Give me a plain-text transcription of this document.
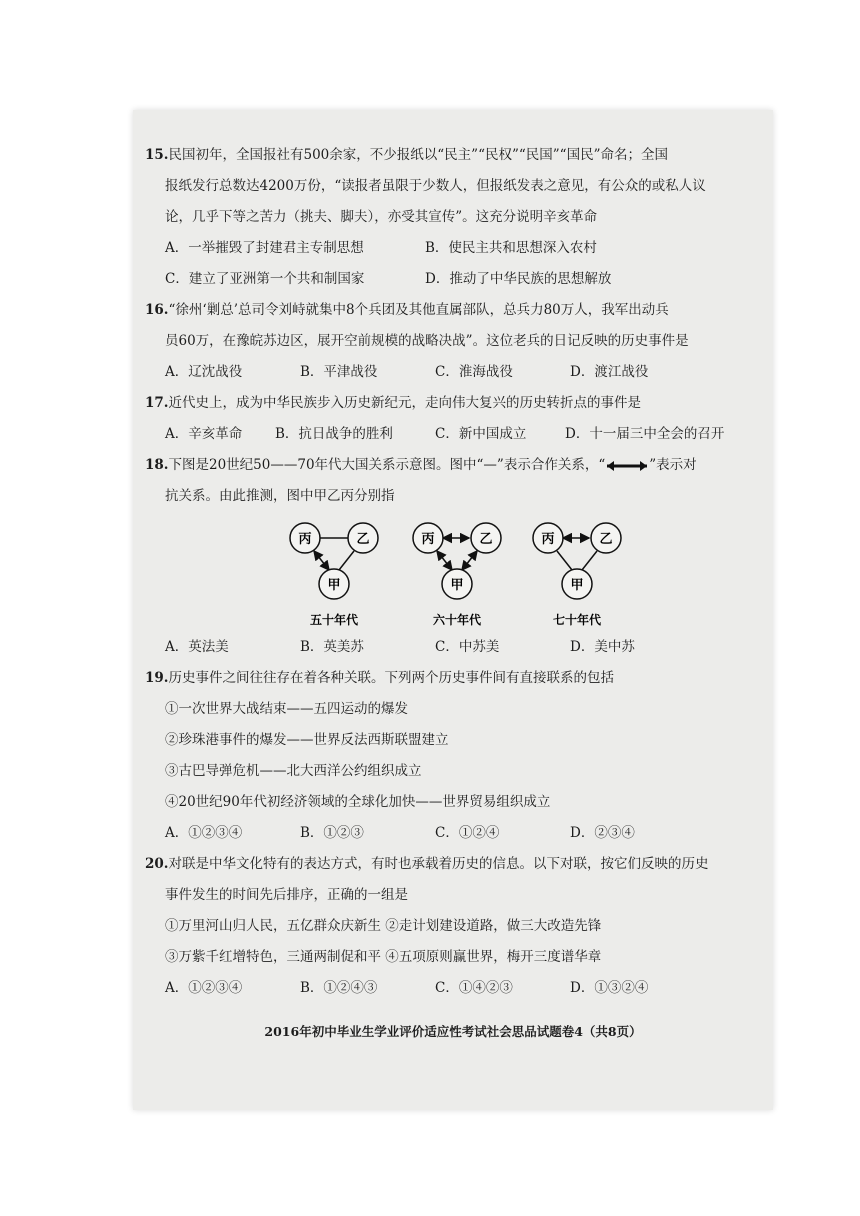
15.民国初年，全国报社有500余家，不少报纸以“民主”“民权”“民国”“国民”命名；全国

报纸发行总数达4200万份，“读报者虽限于少数人，但报纸发表之意见，有公众的或私人议

论，几乎下等之苦力（挑夫、脚夫），亦受其宣传”。这充分说明辛亥革命

A．一举摧毁了封建君主专制思想	B．使民主共和思想深入农村
C．建立了亚洲第一个共和制国家	D．推动了中华民族的思想解放

16.“徐州‘剿总’总司令刘峙就集中8个兵团及其他直属部队，总兵力80万人，我军出动兵

员60万，在豫皖苏边区，展开空前规模的战略决战”。这位老兵的日记反映的历史事件是

A．辽沈战役	B．平津战役	C．淮海战役	D．渡江战役

17.近代史上，成为中华民族步入历史新纪元，走向伟大复兴的历史转折点的事件是

A．辛亥革命	B．抗日战争的胜利	C．新中国成立	D．十一届三中全会的召开

18.下图是20世纪50——70年代大国关系示意图。图中“—”表示合作关系，“	”表示对

抗关系。由此推测，图中甲乙丙分别指

丙	乙
甲
五十年代
丙	乙
甲
六十年代
丙	乙
甲
七十年代
A．英法美	B．英美苏	C．中苏美	D．美中苏

19.历史事件之间往往存在着各种关联。下列两个历史事件间有直接联系的包括

①一次世界大战结束——五四运动的爆发

②珍珠港事件的爆发——世界反法西斯联盟建立

③古巴导弹危机——北大西洋公约组织成立

④20世纪90年代初经济领域的全球化加快——世界贸易组织成立

A．①②③④	B．①②③	C．①②④	D．②③④

20.对联是中华文化特有的表达方式，有时也承载着历史的信息。以下对联，按它们反映的历史

事件发生的时间先后排序，正确的一组是

①万里河山归人民，五亿群众庆新生 ②走计划建设道路，做三大改造先锋

③万紫千红增特色，三通两制促和平 ④五项原则赢世界，梅开三度谱华章

A．①②③④	B．①②④③	C．①④②③	D．①③②④
2016年初中毕业生学业评价适应性考试社会思品试题卷4（共8页）
